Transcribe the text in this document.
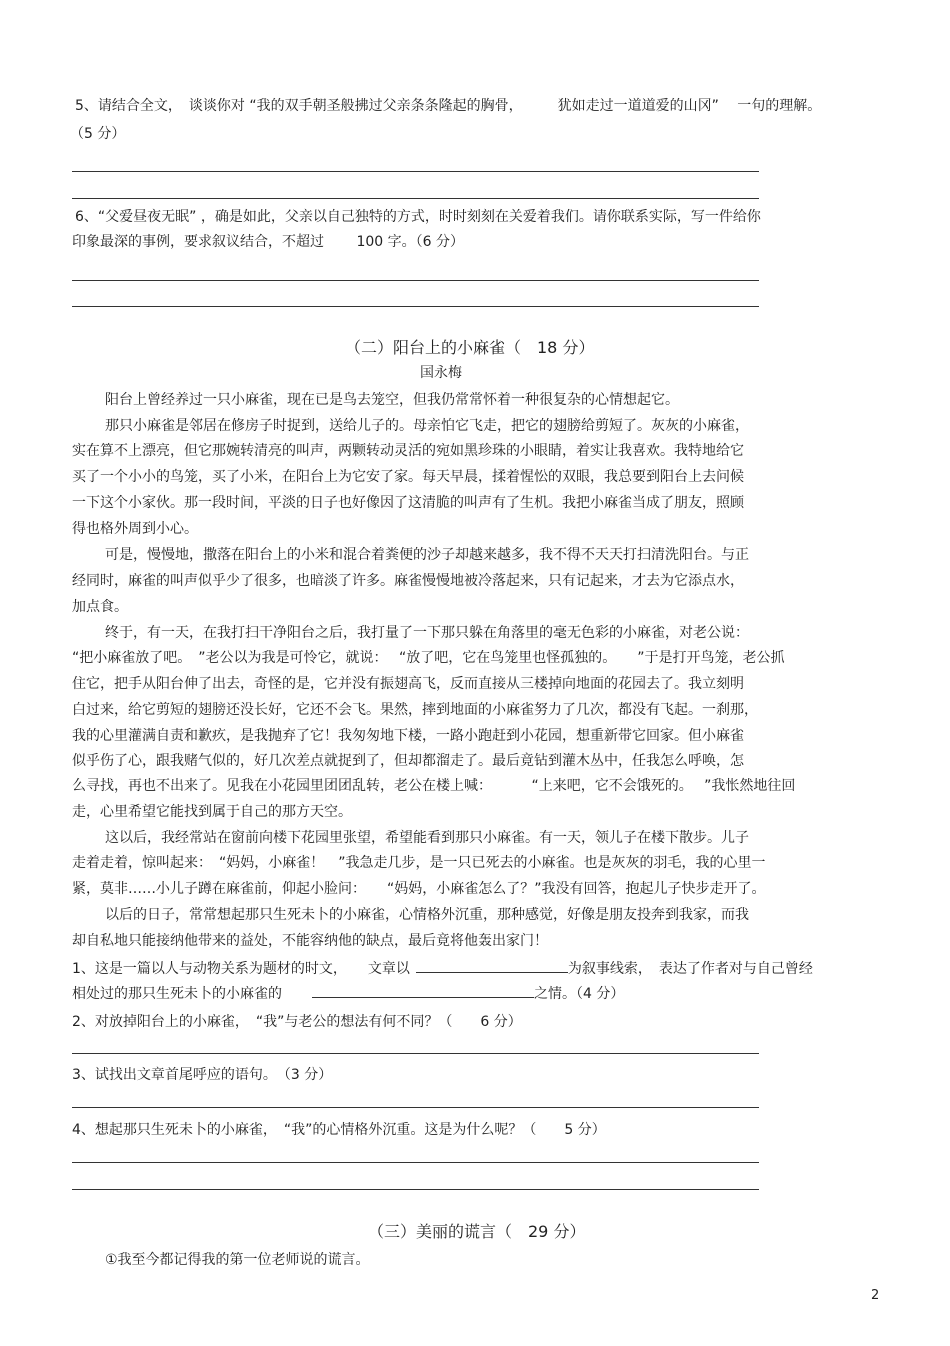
5、请结合全文，　谈谈你对 “我的双手朝圣般拂过父亲条条隆起的胸骨，　　　犹如走过一道道爱的山冈”　 一句的理解。
（5 分）
6、“父爱昼夜无眠” ，确是如此，父亲以自己独特的方式，时时刻刻在关爱着我们。请你联系实际，写一件给你
印象最深的事例，要求叙议结合，不超过　　 100 字。（6 分）
（二）阳台上的小麻雀（　18 分）
国永梅
阳台上曾经养过一只小麻雀，现在已是鸟去笼空，但我仍常常怀着一种很复杂的心情想起它。
那只小麻雀是邻居在修房子时捉到，送给儿子的。母亲怕它飞走，把它的翅膀给剪短了。灰灰的小麻雀，
实在算不上漂亮，但它那婉转清亮的叫声，两颗转动灵活的宛如黑珍珠的小眼睛，着实让我喜欢。我特地给它
买了一个小小的鸟笼，买了小米，在阳台上为它安了家。每天早晨，揉着惺忪的双眼，我总要到阳台上去问候
一下这个小家伙。那一段时间，平淡的日子也好像因了这清脆的叫声有了生机。我把小麻雀当成了朋友，照顾
得也格外周到小心。
可是，慢慢地，撒落在阳台上的小米和混合着粪便的沙子却越来越多，我不得不天天打扫清洗阳台。与正
经同时，麻雀的叫声似乎少了很多，也暗淡了许多。麻雀慢慢地被冷落起来，只有记起来，才去为它添点水，
加点食。
终于，有一天，在我打扫干净阳台之后，我打量了一下那只躲在角落里的毫无色彩的小麻雀，对老公说：
“把小麻雀放了吧。　”老公以为我是可怜它，就说：　 “放了吧，它在鸟笼里也怪孤独的。　　”于是打开鸟笼，老公抓
住它，把手从阳台伸了出去，奇怪的是，它并没有振翅高飞，反而直接从三楼掉向地面的花园去了。我立刻明
白过来，给它剪短的翅膀还没长好，它还不会飞。果然，摔到地面的小麻雀努力了几次，都没有飞起。一刹那，
我的心里灌满自责和歉疚，是我抛弃了它！我匆匆地下楼，一路小跑赶到小花园，想重新带它回家。但小麻雀
似乎伤了心，跟我赌气似的，好几次差点就捉到了，但却都溜走了。最后竟钻到灌木丛中，任我怎么呼唤，怎
么寻找，再也不出来了。见我在小花园里团团乱转，老公在楼上喊：　　　 “上来吧，它不会饿死的。　 ”我怅然地往回
走，心里希望它能找到属于自己的那方天空。
这以后，我经常站在窗前向楼下花园里张望，希望能看到那只小麻雀。有一天，领儿子在楼下散步。儿子
走着走着，惊叫起来：　“妈妈，小麻雀！　”我急走几步，是一只已死去的小麻雀。也是灰灰的羽毛，我的心里一
紧，莫非……小儿子蹲在麻雀前，仰起小脸问：　　“妈妈，小麻雀怎么了？”我没有回答，抱起儿子快步走开了。
以后的日子，常常想起那只生死未卜的小麻雀，心情格外沉重，那种感觉，好像是朋友投奔到我家，而我
却自私地只能接纳他带来的益处，不能容纳他的缺点，最后竟将他轰出家门！
1、这是一篇以人与动物关系为题材的时文，　　文章以	为叙事线索，　表达了作者对与自己曾经
相处过的那只生死未卜的小麻雀的	之情。（4 分）
2、对放掉阳台上的小麻雀，　“我”与老公的想法有何不同？（　　6 分）
3、试找出文章首尾呼应的语句。　（3 分）
4、想起那只生死未卜的小麻雀，　“我”的心情格外沉重。这是为什么呢？（　　5 分）
（三）美丽的谎言（　29 分）
①我至今都记得我的第一位老师说的谎言。
2
